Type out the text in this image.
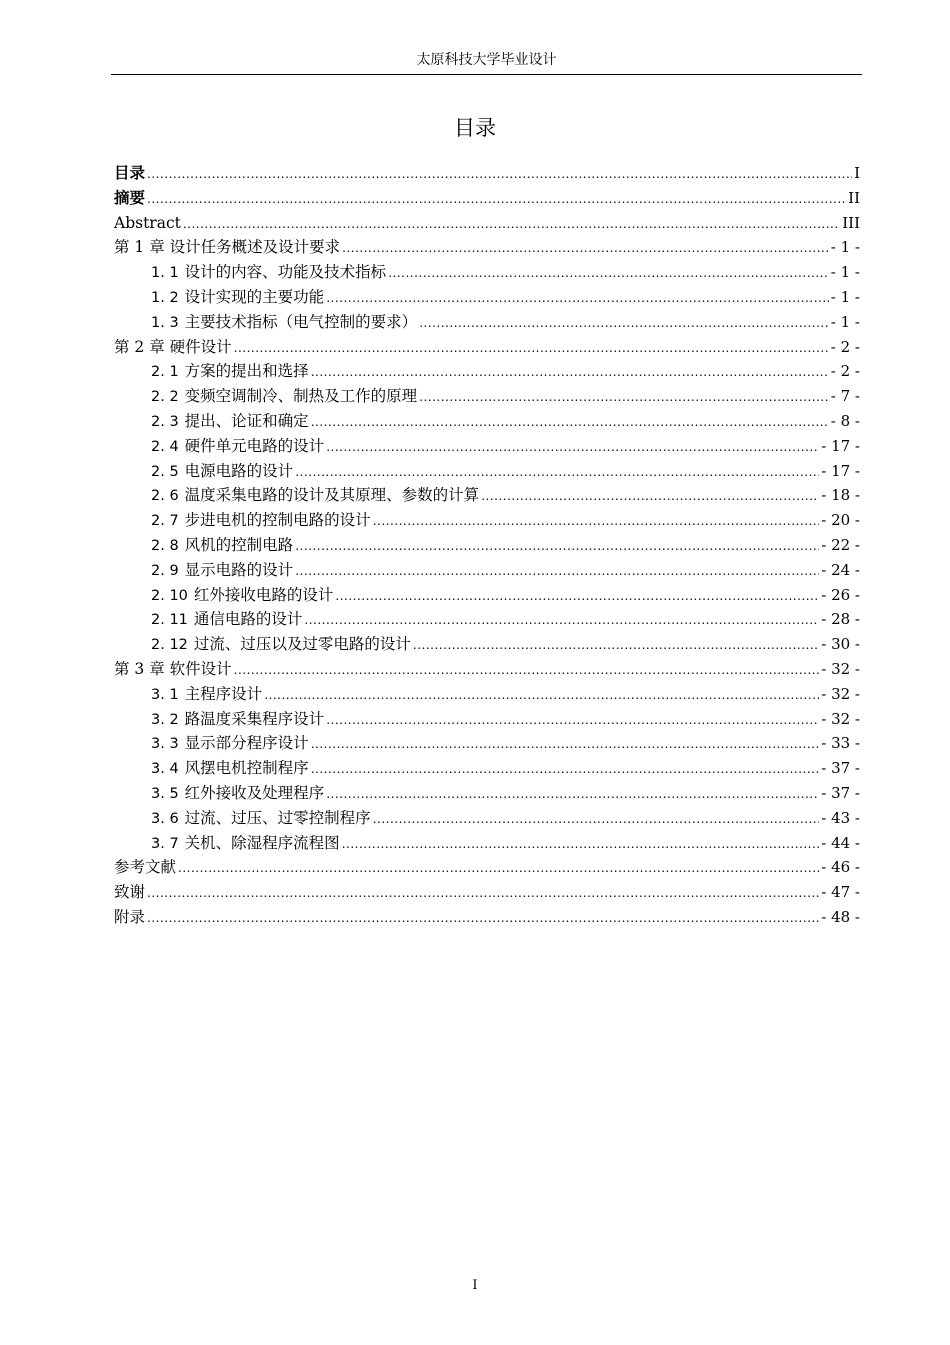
太原科技大学毕业设计
目录
目录 .....	I
摘要 .....	II
Abstract .....	III
第 1 章 设计任务概述及设计要求 .....	- 1 -
1. 1 设计的内容、功能及技术指标 .....	- 1 -
1. 2 设计实现的主要功能 .....	- 1 -
1. 3 主要技术指标（电气控制的要求） .....	- 1 -
第 2 章 硬件设计 .....	- 2 -
2. 1 方案的提出和选择 .....	- 2 -
2. 2 变频空调制冷、制热及工作的原理 .....	- 7 -
2. 3 提出、论证和确定 .....	- 8 -
2. 4 硬件单元电路的设计 .....	- 17 -
2. 5 电源电路的设计 .....	- 17 -
2. 6 温度采集电路的设计及其原理、参数的计算 .....	- 18 -
2. 7 步进电机的控制电路的设计 .....	- 20 -
2. 8 风机的控制电路 .....	- 22 -
2. 9 显示电路的设计 .....	- 24 -
2. 10 红外接收电路的设计 .....	- 26 -
2. 11 通信电路的设计 .....	- 28 -
2. 12 过流、过压以及过零电路的设计 .....	- 30 -
第 3 章 软件设计 .....	- 32 -
3. 1 主程序设计 .....	- 32 -
3. 2 路温度采集程序设计 .....	- 32 -
3. 3 显示部分程序设计 .....	- 33 -
3. 4 风摆电机控制程序 .....	- 37 -
3. 5 红外接收及处理程序 .....	- 37 -
3. 6 过流、过压、过零控制程序 .....	- 43 -
3. 7 关机、除湿程序流程图 .....	- 44 -
参考文献 .....	- 46 -
致谢 .....	- 47 -
附录 .....	- 48 -
I
